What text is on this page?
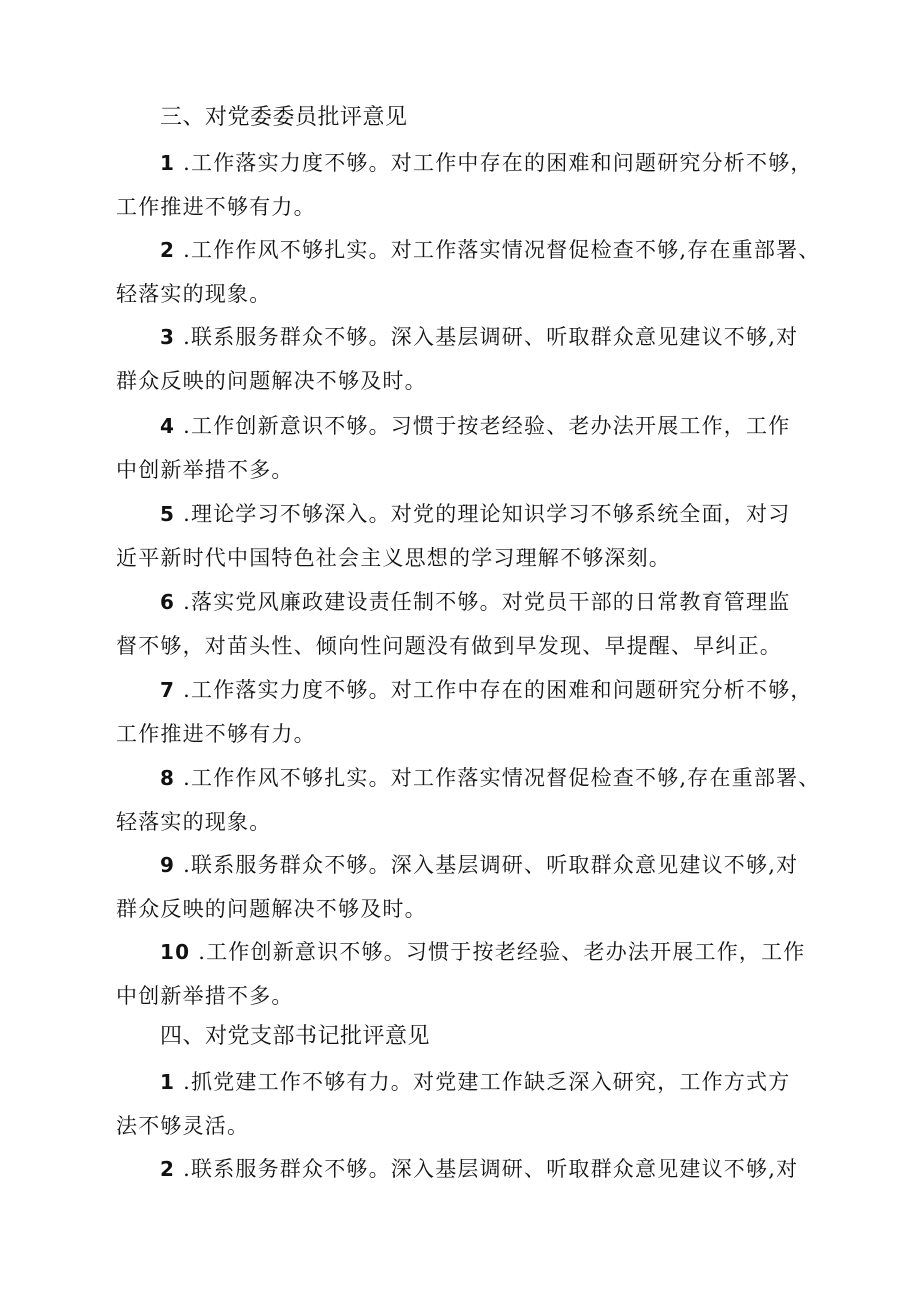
三、对党委委员批评意见
1 .工作落实力度不够。对工作中存在的困难和问题研究分析不够，
工作推进不够有力。
2 .工作作风不够扎实。对工作落实情况督促检查不够,存在重部署、
轻落实的现象。
3 .联系服务群众不够。深入基层调研、听取群众意见建议不够,对
群众反映的问题解决不够及时。
4 .工作创新意识不够。习惯于按老经验、老办法开展工作，工作
中创新举措不多。
5 .理论学习不够深入。对党的理论知识学习不够系统全面，对习
近平新时代中国特色社会主义思想的学习理解不够深刻。
6 .落实党风廉政建设责任制不够。对党员干部的日常教育管理监
督不够，对苗头性、倾向性问题没有做到早发现、早提醒、早纠正。
7 .工作落实力度不够。对工作中存在的困难和问题研究分析不够，
工作推进不够有力。
8 .工作作风不够扎实。对工作落实情况督促检查不够,存在重部署、
轻落实的现象。
9 .联系服务群众不够。深入基层调研、听取群众意见建议不够,对
群众反映的问题解决不够及时。
10 .工作创新意识不够。习惯于按老经验、老办法开展工作，工作
中创新举措不多。
四、对党支部书记批评意见
1 .抓党建工作不够有力。对党建工作缺乏深入研究，工作方式方
法不够灵活。
2 .联系服务群众不够。深入基层调研、听取群众意见建议不够,对
